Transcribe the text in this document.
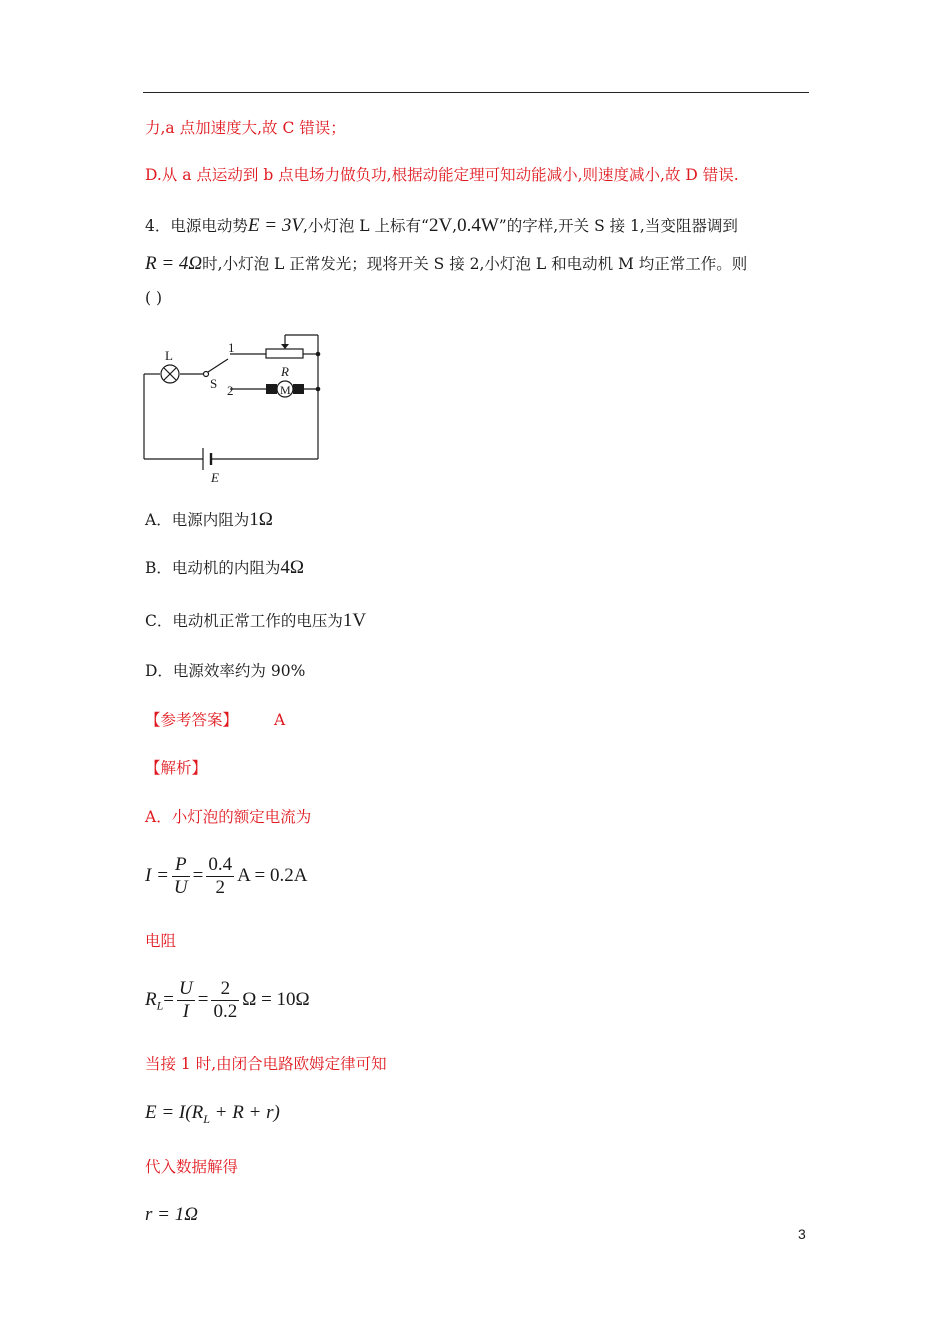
力,a 点加速度大,故 C 错误；
D.从 a 点运动到 b 点电场力做负功,根据动能定理可知动能减小,则速度减小,故 D 错误.
4．电源电动势E = 3V,小灯泡 L 上标有“2V,0.4W”的字样,开关 S 接 1,当变阻器调到
R = 4Ω时,小灯泡 L 正常发光；现将开关 S 接 2,小灯泡 L 和电动机 M 均正常工作。则
( )
L
S
1
2
R
M
E
A．电源内阻为1Ω
B．电动机的内阻为4Ω
C．电动机正常工作的电压为1V
D．电源效率约为 90%
【参考答案】 A
【解析】
A．小灯泡的额定电流为
$I = \frac{P}{U} = \frac{0.4}{2}$ A = 0.2A
电阻
$R_L= \frac{U}{I} = \frac{2}{0.2}$ Ω = 10Ω
当接 1 时,由闭合电路欧姆定律可知
$E = I(R_L + R + r)$
代入数据解得
r = 1Ω
3
